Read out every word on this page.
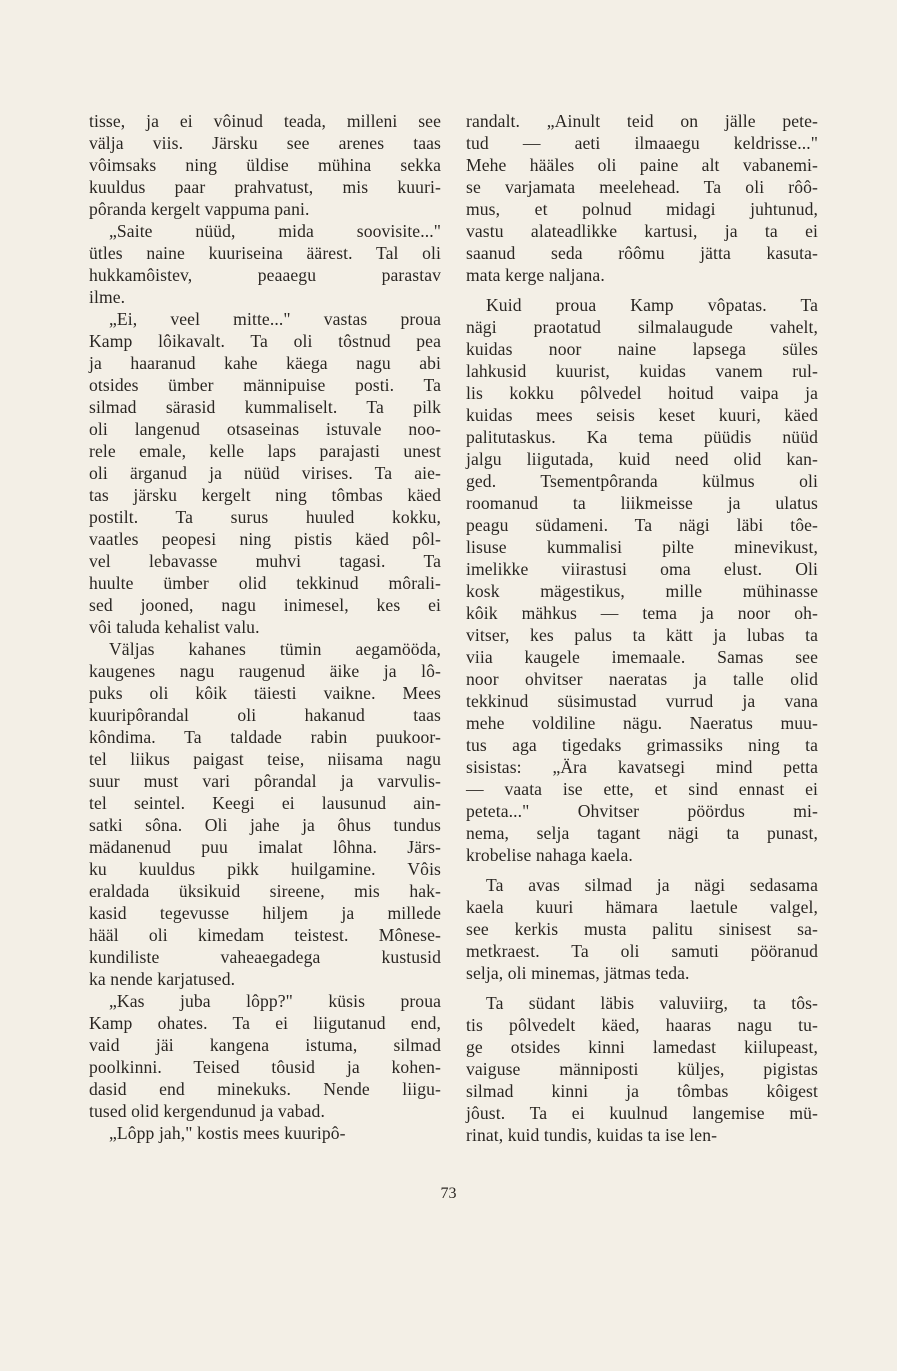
tisse, ja ei vôinud teada, milleni see
välja viis. Järsku see arenes taas
vôimsaks ning üldise mühina sekka
kuuldus paar prahvatust, mis kuuri-
pôranda kergelt vappuma pani.
„Saite nüüd, mida soovisite..."
ütles naine kuuriseina äärest. Tal oli
hukkamôistev, peaaegu parastav
ilme.
„Ei, veel mitte..." vastas proua
Kamp lôikavalt. Ta oli tôstnud pea
ja haaranud kahe käega nagu abi
otsides ümber männipuise posti. Ta
silmad särasid kummaliselt. Ta pilk
oli langenud otsaseinas istuvale noo-
rele emale, kelle laps parajasti unest
oli ärganud ja nüüd virises. Ta aie-
tas järsku kergelt ning tômbas käed
postilt. Ta surus huuled kokku,
vaatles peopesi ning pistis käed pôl-
vel lebavasse muhvi tagasi. Ta
huulte ümber olid tekkinud môrali-
sed jooned, nagu inimesel, kes ei
vôi taluda kehalist valu.
Väljas kahanes tümin aegamööda,
kaugenes nagu raugenud äike ja lô-
puks oli kôik täiesti vaikne. Mees
kuuripôrandal oli hakanud taas
kôndima. Ta taldade rabin puukoor-
tel liikus paigast teise, niisama nagu
suur must vari pôrandal ja varvulis-
tel seintel. Keegi ei lausunud ain-
satki sôna. Oli jahe ja ôhus tundus
mädanenud puu imalat lôhna. Järs-
ku kuuldus pikk huilgamine. Vôis
eraldada üksikuid sireene, mis hak-
kasid tegevusse hiljem ja millede
hääl oli kimedam teistest. Mônese-
kundiliste vaheaegadega kustusid
ka nende karjatused.
„Kas juba lôpp?" küsis proua
Kamp ohates. Ta ei liigutanud end,
vaid jäi kangena istuma, silmad
poolkinni. Teised tôusid ja kohen-
dasid end minekuks. Nende liigu-
tused olid kergendunud ja vabad.
„Lôpp jah," kostis mees kuuripô-
randalt. „Ainult teid on jälle pete-
tud — aeti ilmaaegu keldrisse..."
Mehe hääles oli paine alt vabanemi-
se varjamata meelehead. Ta oli rôô-
mus, et polnud midagi juhtunud,
vastu alateadlikke kartusi, ja ta ei
saanud seda rôômu jätta kasuta-
mata kerge naljana.
Kuid proua Kamp vôpatas. Ta
nägi praotatud silmalaugude vahelt,
kuidas noor naine lapsega süles
lahkusid kuurist, kuidas vanem rul-
lis kokku pôlvedel hoitud vaipa ja
kuidas mees seisis keset kuuri, käed
palitutaskus. Ka tema püüdis nüüd
jalgu liigutada, kuid need olid kan-
ged. Tsementpôranda külmus oli
roomanud ta liikmeisse ja ulatus
peagu südameni. Ta nägi läbi tôe-
lisuse kummalisi pilte minevikust,
imelikke viirastusi oma elust. Oli
kosk mägestikus, mille mühinasse
kôik mähkus — tema ja noor oh-
vitser, kes palus ta kätt ja lubas ta
viia kaugele imemaale. Samas see
noor ohvitser naeratas ja talle olid
tekkinud süsimustad vurrud ja vana
mehe voldiline nägu. Naeratus muu-
tus aga tigedaks grimassiks ning ta
sisistas: „Ära kavatsegi mind petta
— vaata ise ette, et sind ennast ei
peteta..." Ohvitser pöördus mi-
nema, selja tagant nägi ta punast,
krobelise nahaga kaela.
Ta avas silmad ja nägi sedasama
kaela kuuri hämara laetule valgel,
see kerkis musta palitu sinisest sa-
metkraest. Ta oli samuti pööranud
selja, oli minemas, jätmas teda.
Ta südant läbis valuviirg, ta tôs-
tis pôlvedelt käed, haaras nagu tu-
ge otsides kinni lamedast kiilupeast,
vaiguse männiposti küljes, pigistas
silmad kinni ja tômbas kôigest
jôust. Ta ei kuulnud langemise mü-
rinat, kuid tundis, kuidas ta ise len-
73
